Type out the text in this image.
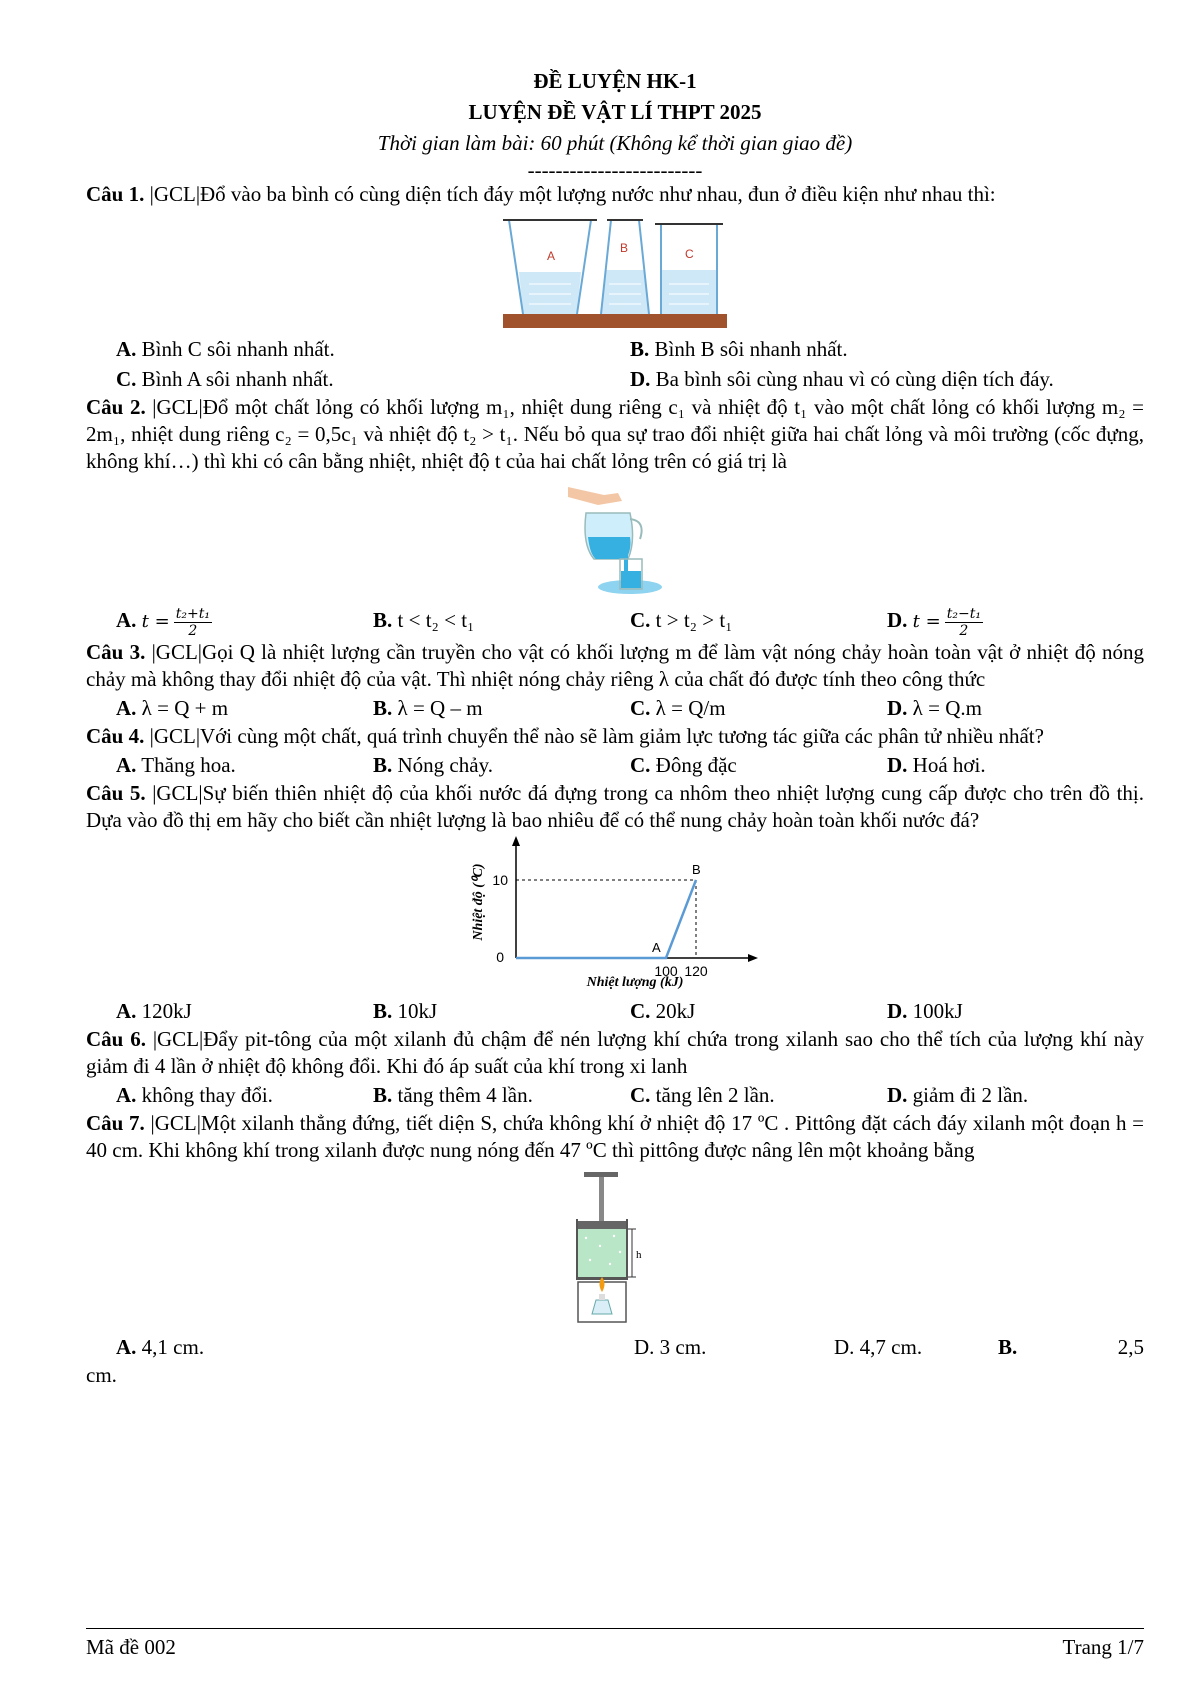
ĐỀ LUYỆN HK-1
LUYỆN ĐỀ VẬT LÍ THPT 2025
Thời gian làm bài: 60 phút (Không kể thời gian giao đề)
-------------------------

Câu 1. |GCL|Đổ vào ba bình có cùng diện tích đáy một lượng nước như nhau, đun ở điều kiện như nhau thì:

A
B	C
A. Bình C sôi nhanh nhất.	B. Bình B sôi nhanh nhất.
C. Bình A sôi nhanh nhất.	D. Ba bình sôi cùng nhau vì có cùng diện tích đáy.

Câu 2. |GCL|Đổ một chất lỏng có khối lượng m₁, nhiệt dung riêng c₁ và nhiệt độ t₁ vào một chất lỏng có khối lượng m₂ = 2m₁, nhiệt dung riêng c₂ = 0,5c₁ và nhiệt độ t₂ > t₁. Nếu bỏ qua sự trao đổi nhiệt giữa hai chất lỏng và môi trường (cốc đựng, không khí…) thì khi có cân bằng nhiệt, nhiệt độ t của hai chất lỏng trên có giá trị là

A. $t = \frac{\text{t₂+t₁}}{2}$	B. t < t₂ < t₁	C. t > t₂ > t₁	D. $t = \frac{\text{t₂−t₁}}{2}$

Câu 3. |GCL|Gọi Q là nhiệt lượng cần truyền cho vật có khối lượng m để làm vật nóng chảy hoàn toàn vật ở nhiệt độ nóng chảy mà không thay đổi nhiệt độ của vật. Thì nhiệt nóng chảy riêng λ của chất đó được tính theo công thức

A. λ = Q + m	B. λ = Q – m	C. λ = Q/m	D. λ = Q.m

Câu 4. |GCL|Với cùng một chất, quá trình chuyển thể nào sẽ làm giảm lực tương tác giữa các phân tử nhiều nhất?

A. Thăng hoa.	B. Nóng chảy.	C. Đông đặc	D. Hoá hơi.

Câu 5. |GCL|Sự biến thiên nhiệt độ của khối nước đá đựng trong ca nhôm theo nhiệt lượng cung cấp được cho trên đồ thị. Dựa vào đồ thị em hãy cho biết cần nhiệt lượng là bao nhiêu để có thể nung chảy hoàn toàn khối nước đá?

0
10
100 120
A
B
Nhiệt lượng (kJ)
Nhiệt độ (⁰C)
A. 120kJ	B. 10kJ	C. 20kJ	D. 100kJ

Câu 6. |GCL|Đẩy pit-tông của một xilanh đủ chậm để nén lượng khí chứa trong xilanh sao cho thể tích của lượng khí này giảm đi 4 lần ở nhiệt độ không đổi. Khi đó áp suất của khí trong xi lanh

A. không thay đổi.	B. tăng thêm 4 lần.	C. tăng lên 2 lần.	D. giảm đi 2 lần.

Câu 7. |GCL|Một xilanh thẳng đứng, tiết diện S, chứa không khí ở nhiệt độ 17 ºC . Pittông đặt cách đáy xilanh một đoạn h = 40 cm. Khi không khí trong xilanh được nung nóng đến 47 ºC thì pittông được nâng lên một khoảng bằng

h
A. 4,1 cm.	D. 3 cm.	D. 4,7 cm.	B.	2,5
cm.
Mã đề 002	Trang 1/7
